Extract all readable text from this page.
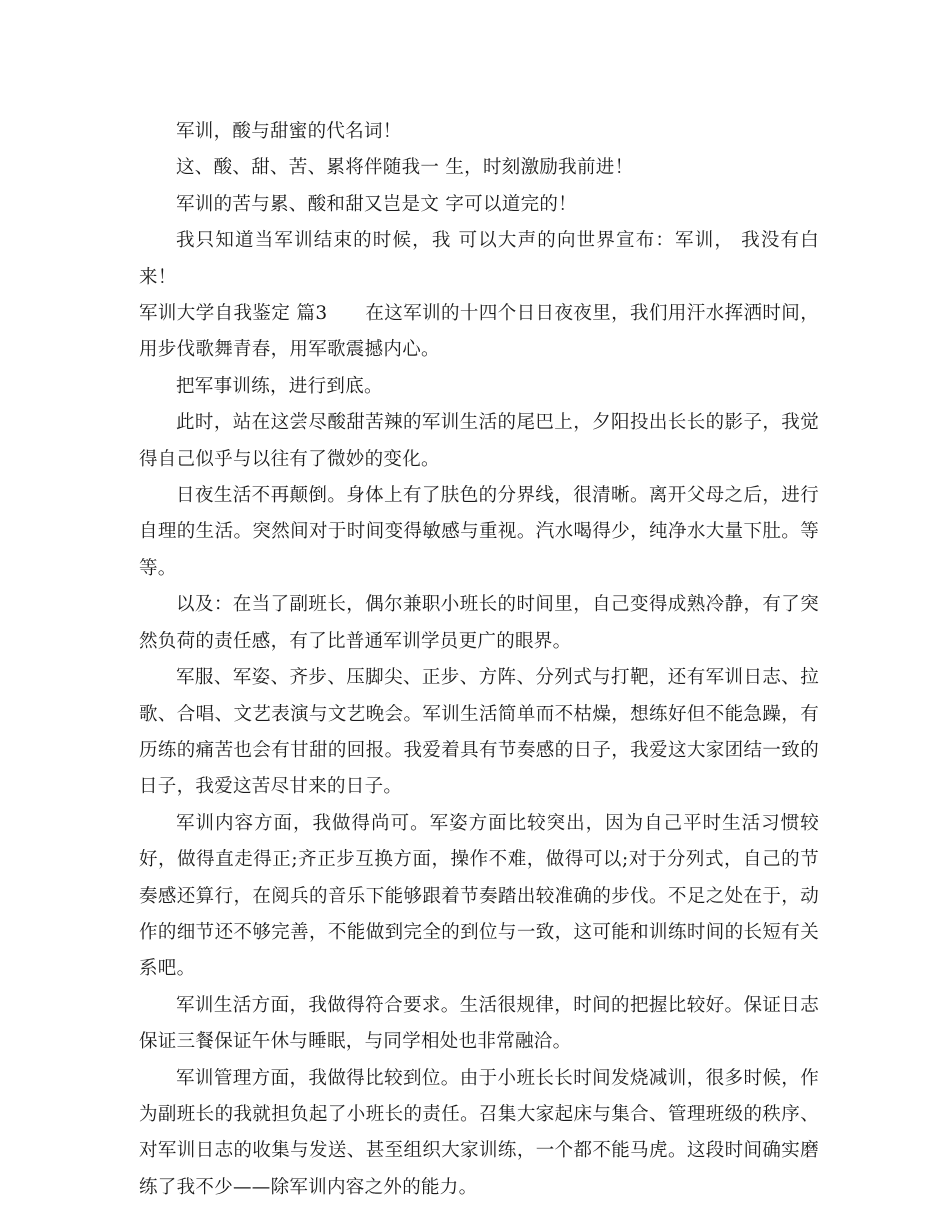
军训，酸与甜蜜的代名词！

这、酸、甜、苦、累将伴随我一 生，时刻激励我前进！

军训的苦与累、酸和甜又岂是文 字可以道完的！

我只知道当军训结束的时候，我 可以大声的向世界宣布：军训， 我没有白来！

军训大学自我鉴定 篇3　　在这军训的十四个日日夜夜里，我们用汗水挥洒时间，用步伐歌舞青春，用军歌震撼内心。

把军事训练，进行到底。

此时，站在这尝尽酸甜苦辣的军训生活的尾巴上，夕阳投出长长的影子，我觉得自己似乎与以往有了微妙的变化。

日夜生活不再颠倒。身体上有了肤色的分界线，很清晰。离开父母之后，进行自理的生活。突然间对于时间变得敏感与重视。汽水喝得少，纯净水大量下肚。等等。

以及：在当了副班长，偶尔兼职小班长的时间里，自己变得成熟冷静，有了突然负荷的责任感，有了比普通军训学员更广的眼界。

军服、军姿、齐步、压脚尖、正步、方阵、分列式与打靶，还有军训日志、拉歌、合唱、文艺表演与文艺晚会。军训生活简单而不枯燥，想练好但不能急躁，有历练的痛苦也会有甘甜的回报。我爱着具有节奏感的日子，我爱这大家团结一致的日子，我爱这苦尽甘来的日子。

军训内容方面，我做得尚可。军姿方面比较突出，因为自己平时生活习惯较好，做得直走得正;齐正步互换方面，操作不难，做得可以;对于分列式，自己的节奏感还算行，在阅兵的音乐下能够跟着节奏踏出较准确的步伐。不足之处在于，动作的细节还不够完善，不能做到完全的到位与一致，这可能和训练时间的长短有关系吧。

军训生活方面，我做得符合要求。生活很规律，时间的把握比较好。保证日志保证三餐保证午休与睡眠，与同学相处也非常融洽。

军训管理方面，我做得比较到位。由于小班长长时间发烧减训，很多时候，作为副班长的我就担负起了小班长的责任。召集大家起床与集合、管理班级的秩序、对军训日志的收集与发送、甚至组织大家训练，一个都不能马虎。这段时间确实磨练了我不少——除军训内容之外的能力。
